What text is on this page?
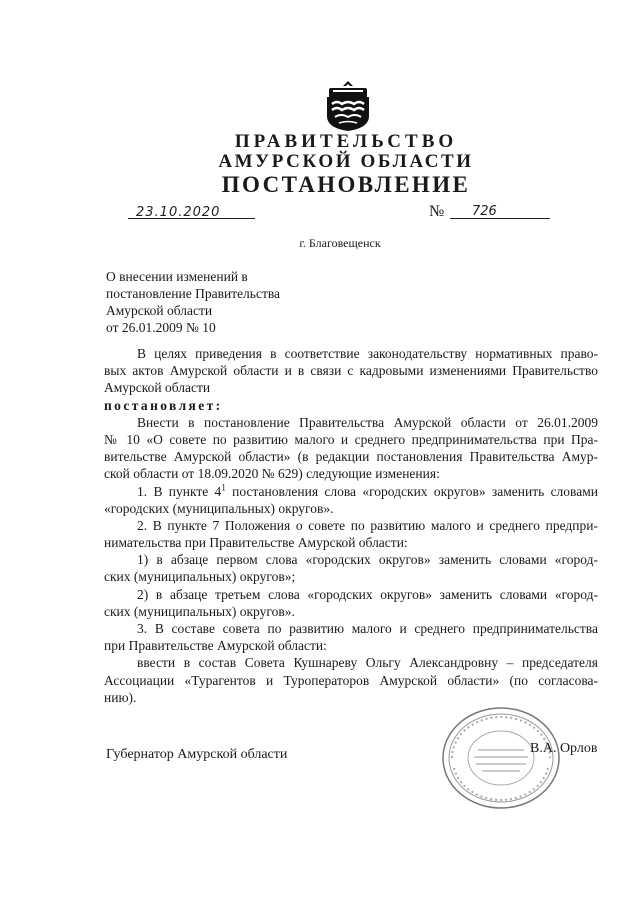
ПРАВИТЕЛЬСТВО
АМУРСКОЙ ОБЛАСТИ
ПОСТАНОВЛЕНИЕ
23.10.2020	№ 726
г. Благовещенск
О внесении изменений в
постановление Правительства
Амурской области
от 26.01.2009 № 10
В целях приведения в соответствие законодательству нормативных право-
вых актов Амурской области и в связи с кадровыми изменениями Правительство
Амурской области
постановляет:
Внести в постановление Правительства Амурской области от 26.01.2009
№ 10 «О совете по развитию малого и среднего предпринимательства при Пра-
вительстве Амурской области» (в редакции постановления Правительства Амур-
ской области от 18.09.2020 № 629) следующие изменения:
1. В пункте $4^1$ постановления слова «городских округов» заменить словами
«городских (муниципальных) округов».
2. В пункте 7 Положения о совете по развитию малого и среднего предпри-
нимательства при Правительстве Амурской области:
1) в абзаце первом слова «городских округов» заменить словами «город-
ских (муниципальных) округов»;
2) в абзаце третьем слова «городских округов» заменить словами «город-
ских (муниципальных) округов».
3. В составе совета по развитию малого и среднего предпринимательства
при Правительстве Амурской области:
ввести в состав Совета Кушнареву Ольгу Александровну – председателя
Ассоциации «Турагентов и Туроператоров Амурской области» (по согласова-
нию).
Губернатор Амурской области	В.А. Орлов
